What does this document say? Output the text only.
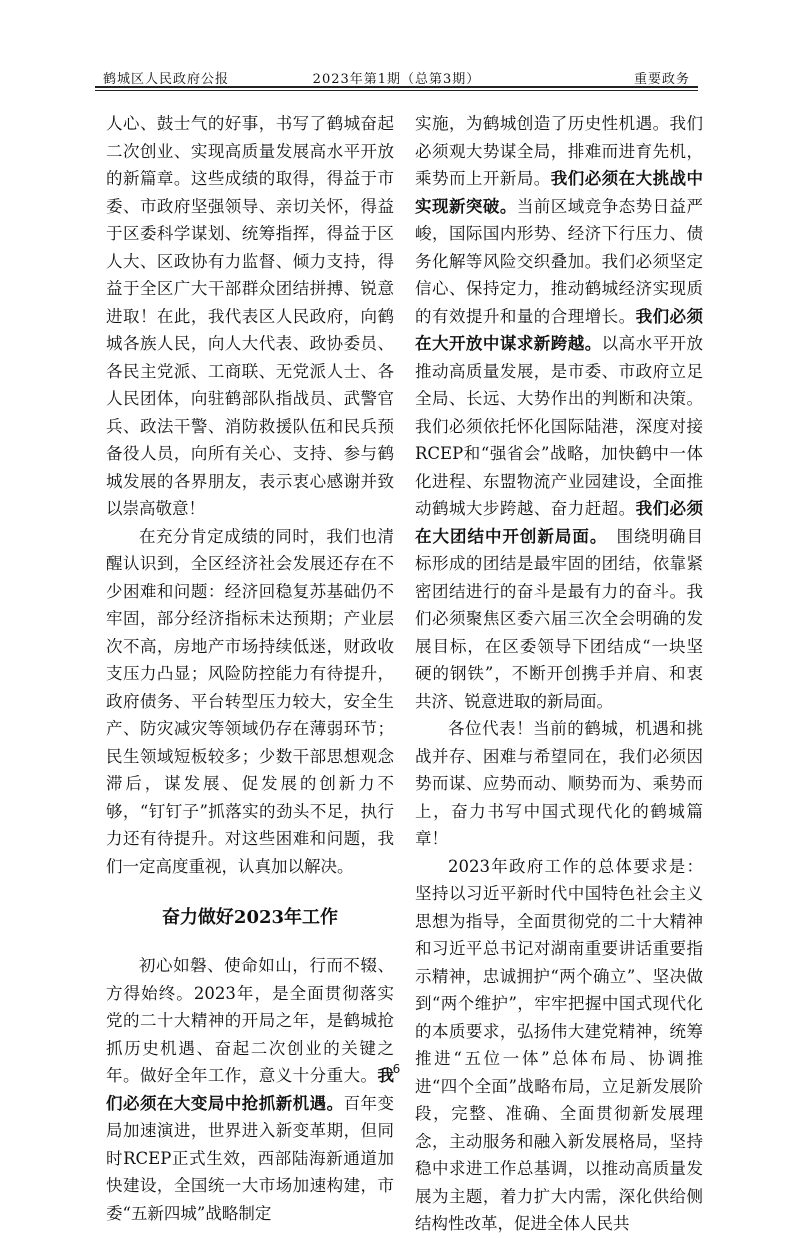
鹤城区人民政府公报	2023年第1期（总第3期）	重要政务

人心、鼓士气的好事，书写了鹤城奋起二次创业、实现高质量发展高水平开放的新篇章。这些成绩的取得，得益于市委、市政府坚强领导、亲切关怀，得益于区委科学谋划、统筹指挥，得益于区人大、区政协有力监督、倾力支持，得益于全区广大干部群众团结拼搏、锐意进取！在此，我代表区人民政府，向鹤城各族人民，向人大代表、政协委员、各民主党派、工商联、无党派人士、各人民团体，向驻鹤部队指战员、武警官兵、政法干警、消防救援队伍和民兵预备役人员，向所有关心、支持、参与鹤城发展的各界朋友，表示衷心感谢并致以崇高敬意！

在充分肯定成绩的同时，我们也清醒认识到，全区经济社会发展还存在不少困难和问题：经济回稳复苏基础仍不牢固，部分经济指标未达预期；产业层次不高，房地产市场持续低迷，财政收支压力凸显；风险防控能力有待提升，政府债务、平台转型压力较大，安全生产、防灾减灾等领域仍存在薄弱环节；民生领域短板较多；少数干部思想观念滞后，谋发展、促发展的创新力不够，“钉钉子”抓落实的劲头不足，执行力还有待提升。对这些困难和问题，我们一定高度重视，认真加以解决。

奋力做好2023年工作

初心如磐、使命如山，行而不辍、方得始终。2023年，是全面贯彻落实党的二十大精神的开局之年，是鹤城抢抓历史机遇、奋起二次创业的关键之年。做好全年工作，意义十分重大。我们必须在大变局中抢抓新机遇。百年变局加速演进，世界进入新变革期，但同时RCEP正式生效，西部陆海新通道加快建设，全国统一大市场加速构建，市委“五新四城”战略制定

实施，为鹤城创造了历史性机遇。我们必须观大势谋全局，排难而进育先机，乘势而上开新局。我们必须在大挑战中实现新突破。当前区域竞争态势日益严峻，国际国内形势、经济下行压力、债务化解等风险交织叠加。我们必须坚定信心、保持定力，推动鹤城经济实现质的有效提升和量的合理增长。我们必须在大开放中谋求新跨越。以高水平开放推动高质量发展，是市委、市政府立足全局、长远、大势作出的判断和决策。我们必须依托怀化国际陆港，深度对接RCEP和“强省会”战略，加快鹤中一体化进程、东盟物流产业园建设，全面推动鹤城大步跨越、奋力赶超。我们必须在大团结中开创新局面。　 围绕明确目标形成的团结是最牢固的团结，依靠紧密团结进行的奋斗是最有力的奋斗。我们必须聚焦区委六届三次全会明确的发展目标，在区委领导下团结成“一块坚硬的钢铁”，不断开创携手并肩、和衷共济、锐意进取的新局面。

各位代表！当前的鹤城，机遇和挑战并存、困难与希望同在，我们必须因势而谋、应势而动、顺势而为、乘势而上，奋力书写中国式现代化的鹤城篇章！

2023年政府工作的总体要求是：坚持以习近平新时代中国特色社会主义思想为指导，全面贯彻党的二十大精神和习近平总书记对湖南重要讲话重要指示精神，忠诚拥护“两个确立”、坚决做到“两个维护”，牢牢把握中国式现代化的本质要求，弘扬伟大建党精神，统筹推进“五位一体”总体布局、协调推进“四个全面”战略布局，立足新发展阶段，完整、准确、全面贯彻新发展理念，主动服务和融入新发展格局，坚持稳中求进工作总基调，以推动高质量发展为主题，着力扩大内需，深化供给侧结构性改革，促进全体人民共

6
